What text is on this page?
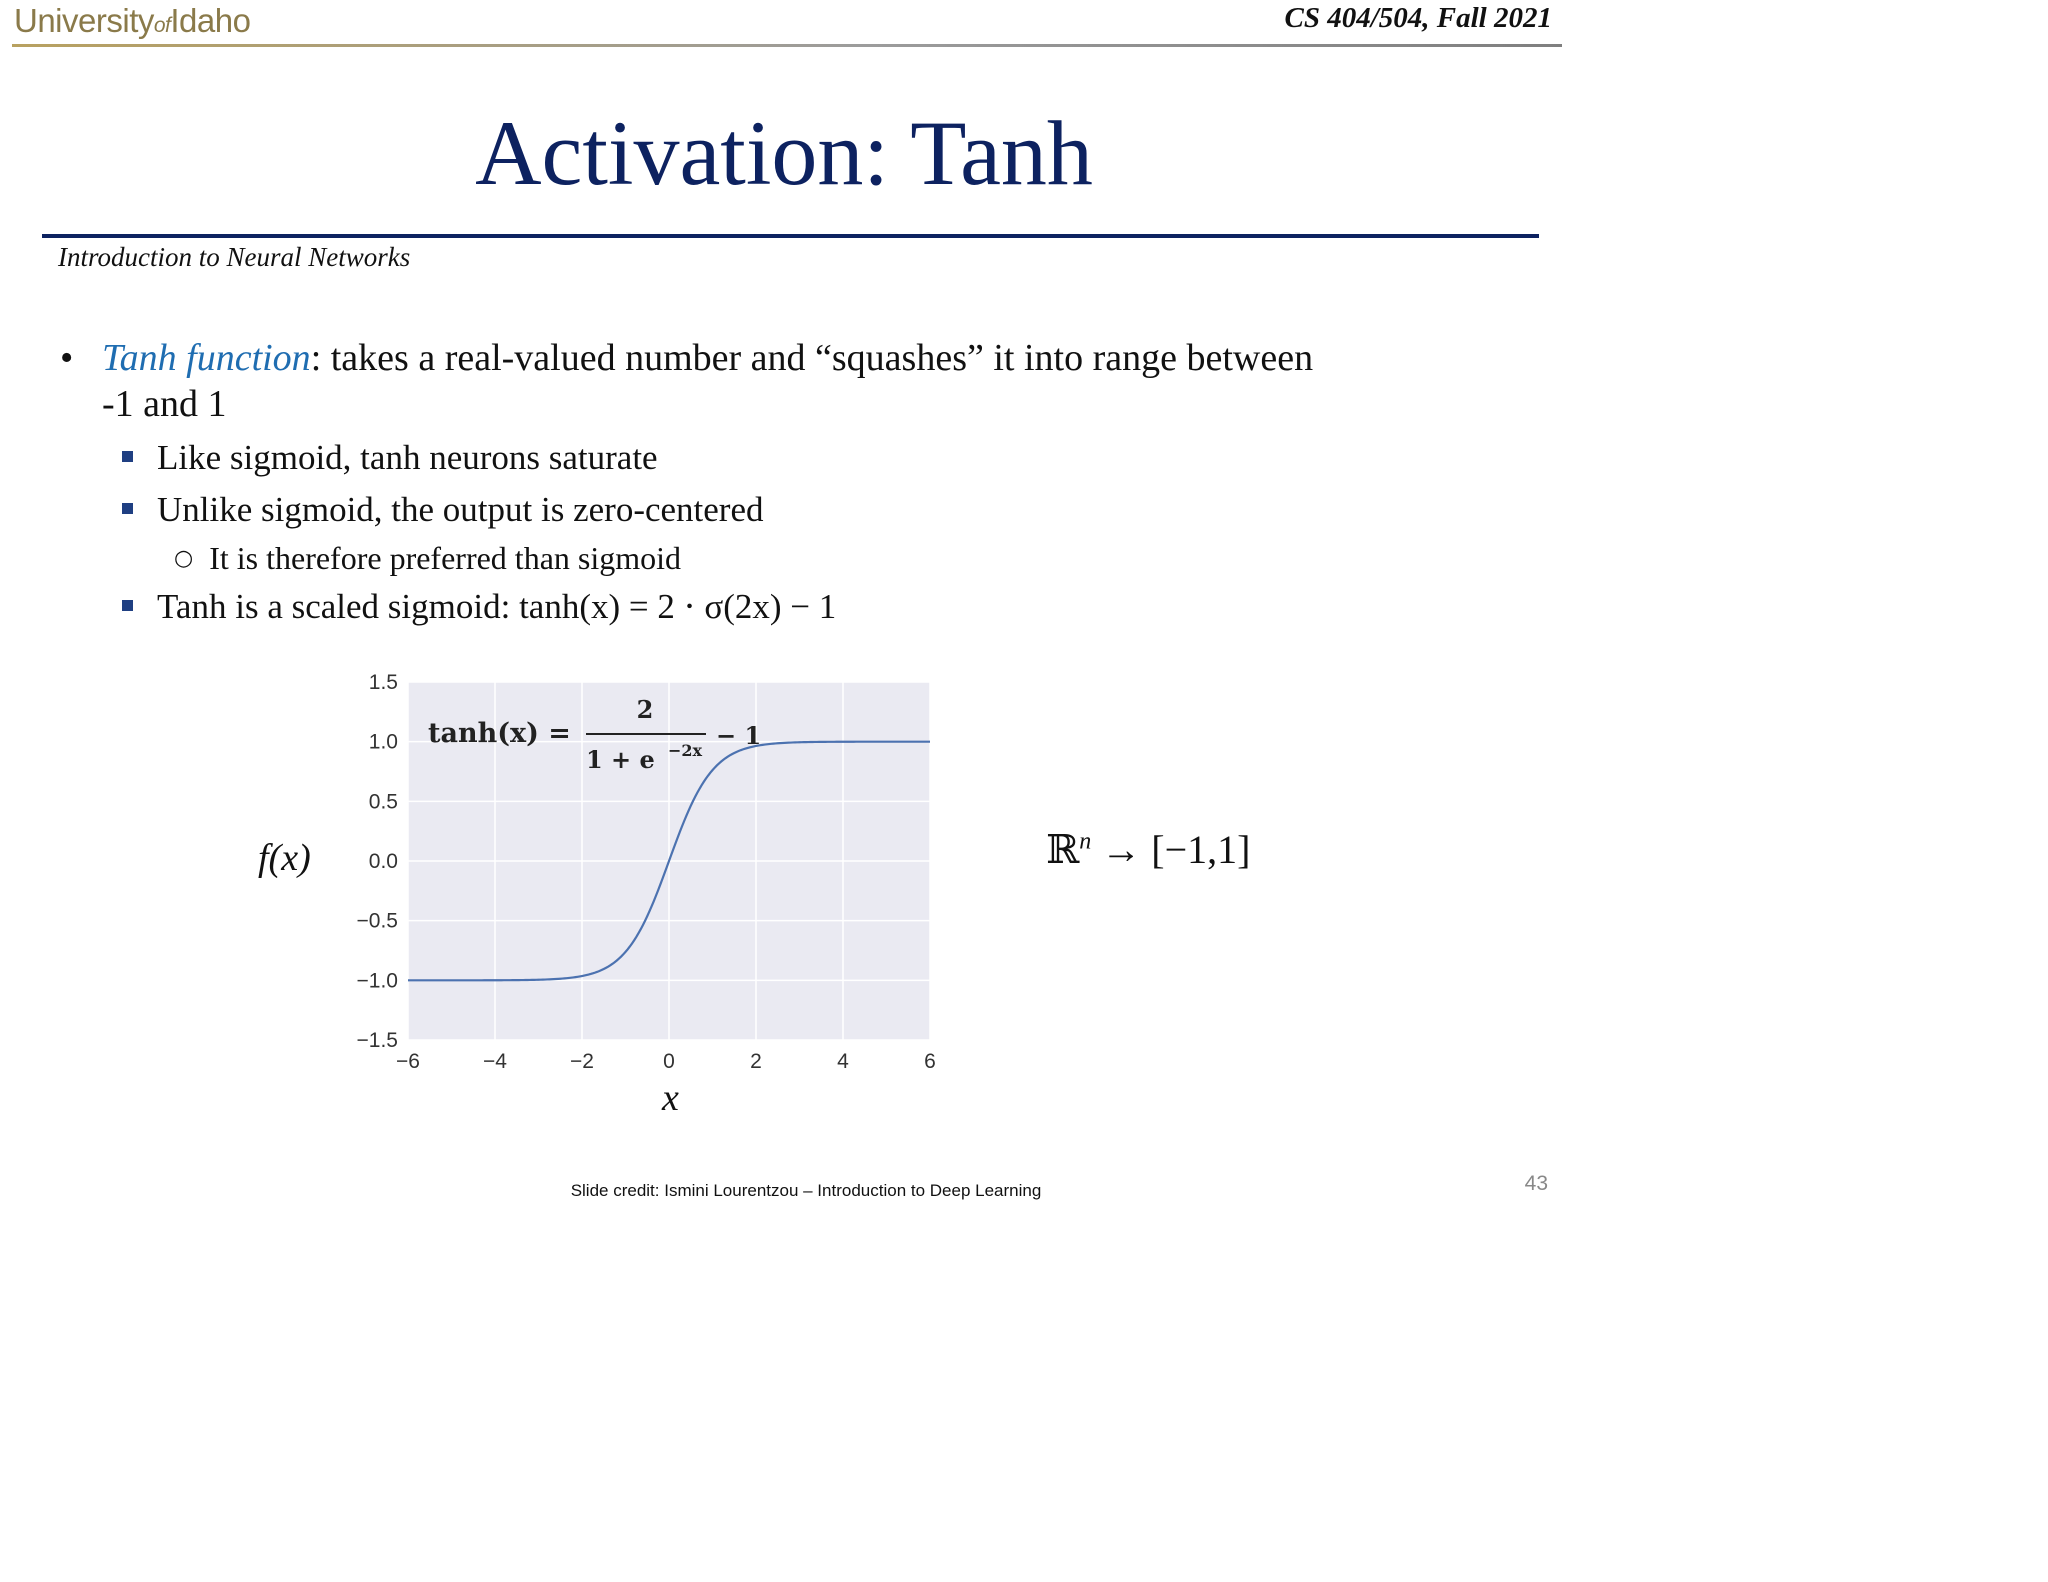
UniversityofIdaho	CS 404/504, Fall 2021
Activation: Tanh
Introduction to Neural Networks
• Tanh function: takes a real-valued number and “squashes” it into range between
-1 and 1
Like sigmoid, tanh neurons saturate
Unlike sigmoid, the output is zero-centered
○ It is therefore preferred than sigmoid
Tanh is a scaled sigmoid: tanh(x) = 2 ⋅ σ(2x) − 1
−6	−4	−2	0	2	4	6
1.5
1.0
0.5
0.0
−0.5
−1.0
−1.5
tanh(x) =
2
1 + e −2x
− 1
f(x)
x
ℝ$^n$ → [−1,1]
Slide credit: Ismini Lourentzou – Introduction to Deep Learning	43
